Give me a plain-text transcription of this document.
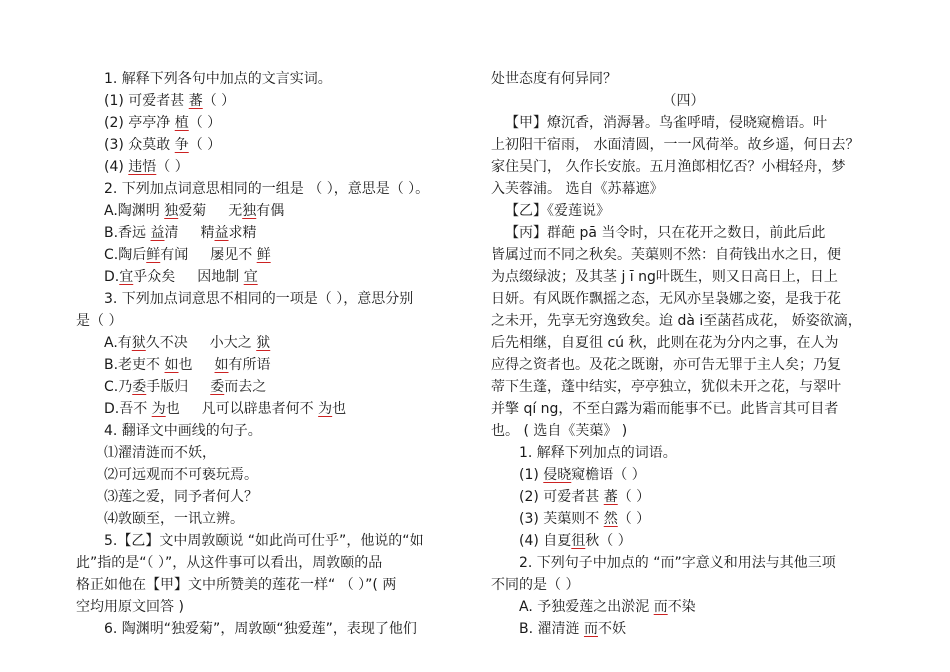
1. 解释下列各句中加点的文言实词。
(1) 可爱者甚 蕃（ ）
(2) 亭亭净 植（ ）
(3) 众莫敢 争（ ）
(4) 违悟（ ）
2. 下列加点词意思相同的一组是 （ ），意思是（ ）。
A.陶渊明 独爱菊 无独有偶
B.香远 益清 精益求精
C.陶后鲜有闻 屡见不 鲜
D.宜乎众矣 因地制 宜
3. 下列加点词意思不相同的一项是（ ），意思分别
是（ ）
A.有狱久不决 小大之 狱
B.老吏不 如也 如有所语
C.乃委手版归 委而去之
D.吾不 为也 凡可以辟患者何不 为也
4. 翻译文中画线的句子。
⑴濯清涟而不妖，
⑵可远观而不可亵玩焉。
⑶莲之爱，同予者何人？
⑷敦颐至，一讯立辨。
5.【乙】文中周敦颐说 “如此尚可仕乎”，他说的“如
此”指的是“（ ）”，从这件事可以看出，周敦颐的品
格正如他在【甲】文中所赞美的莲花一样“ （ ）”( 两
空均用原文回答 )
6. 陶渊明“独爱菊”，周敦颐“独爱莲”，表现了他们
处世态度有何异同？
（四）
【甲】燎沉香，消溽暑。鸟雀呼晴，侵晓窥檐语。叶
上初阳干宿雨， 水面清圆，一一风荷举。故乡遥，何日去？
家住吴门， 久作长安旅。五月渔郎相忆否？小楫轻舟，梦
入芙蓉浦。 选自《苏幕遮》
【乙】《爱莲说》
【丙】群葩 pā 当令时，只在花开之数日，前此后此
皆属过而不同之秋矣。芙蕖则不然：自荷钱出水之日，便
为点缀绿波；及其茎 j ī ng叶既生，则又日高日上，日上
日妍。有风既作飘摇之态，无风亦呈袅娜之姿，是我于花
之未开，先享无穷逸致矣。迨 dà i至菡萏成花， 娇姿欲滴，
后先相继，自夏徂 cú 秋，此则在花为分内之事，在人为
应得之资者也。及花之既谢，亦可告无罪于主人矣；乃复
蒂下生蓬，蓬中结实，亭亭独立，犹似未开之花，与翠叶
并擎 qí ng，不至白露为霜而能事不已。此皆言其可目者
也。 ( 选自《芙蕖》 )
1. 解释下列加点的词语。
(1) 侵晓窥檐语（ ）
(2) 可爱者甚 蕃（ ）
(3) 芙蕖则不 然（ ）
(4) 自夏徂秋（ ）
2. 下列句子中加点的 “而”字意义和用法与其他三项
不同的是（ ）
A. 予独爱莲之出淤泥 而不染
B. 濯清涟 而不妖
